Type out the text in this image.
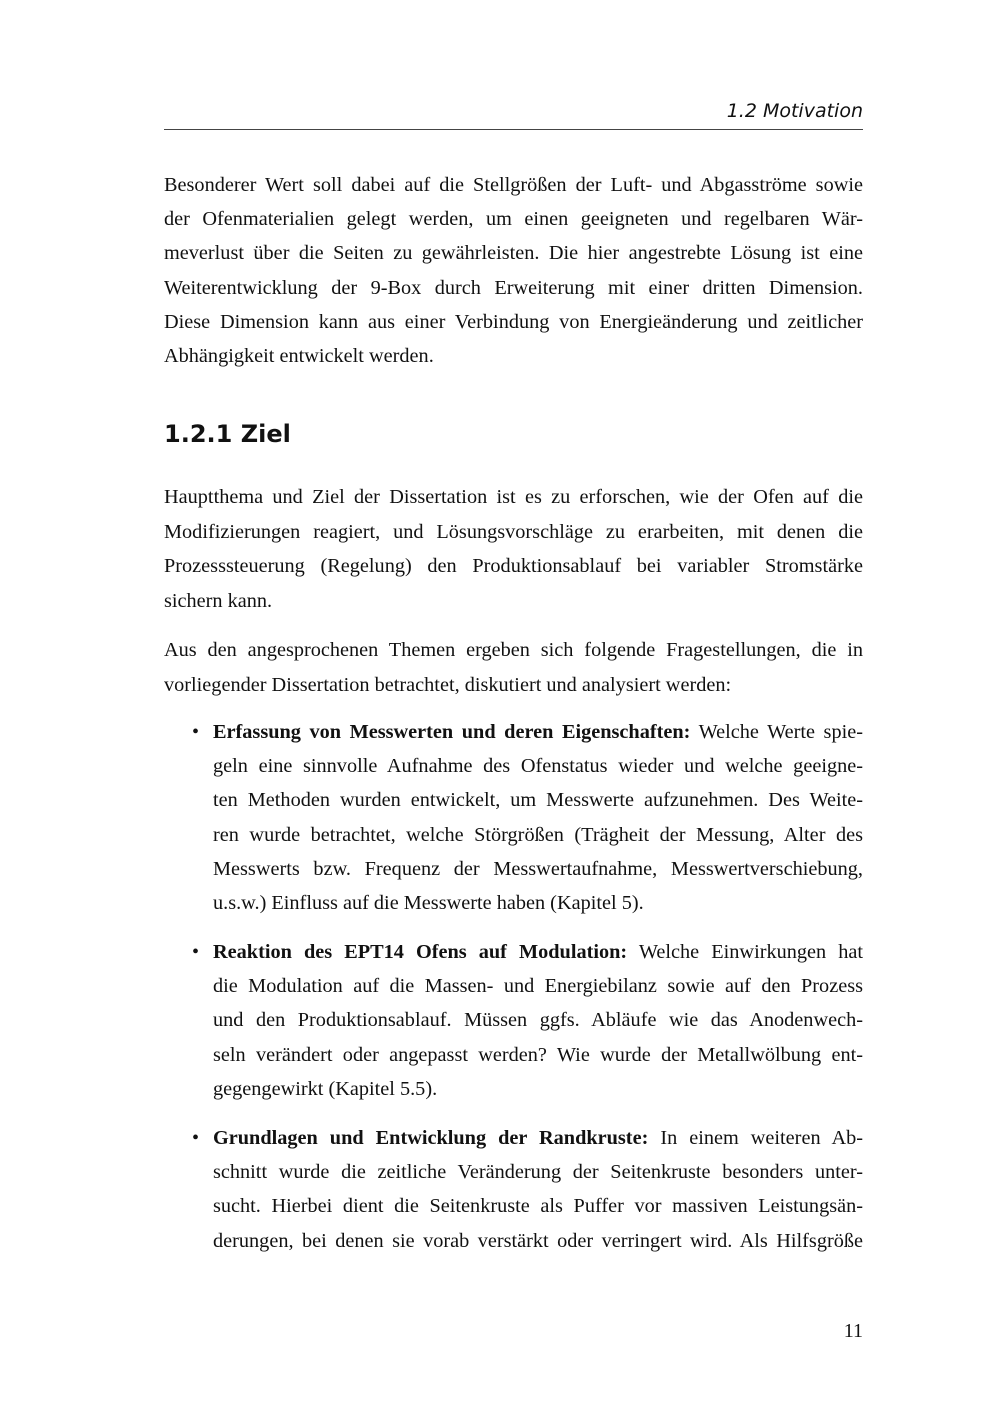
1.2 Motivation
Besonderer Wert soll dabei auf die Stellgrößen der Luft- und Abgasströme sowie
der Ofenmaterialien gelegt werden, um einen geeigneten und regelbaren Wär-
meverlust über die Seiten zu gewährleisten. Die hier angestrebte Lösung ist eine
Weiterentwicklung der 9-Box durch Erweiterung mit einer dritten Dimension.
Diese Dimension kann aus einer Verbindung von Energieänderung und zeitlicher
Abhängigkeit entwickelt werden.
1.2.1 Ziel
Hauptthema und Ziel der Dissertation ist es zu erforschen, wie der Ofen auf die
Modifizierungen reagiert, und Lösungsvorschläge zu erarbeiten, mit denen die
Prozesssteuerung (Regelung) den Produktionsablauf bei variabler Stromstärke
sichern kann.
Aus den angesprochenen Themen ergeben sich folgende Fragestellungen, die in
vorliegender Dissertation betrachtet, diskutiert und analysiert werden:
• Erfassung von Messwerten und deren Eigenschaften: Welche Werte spie-
geln eine sinnvolle Aufnahme des Ofenstatus wieder und welche geeigne-
ten Methoden wurden entwickelt, um Messwerte aufzunehmen. Des Weite-
ren wurde betrachtet, welche Störgrößen (Trägheit der Messung, Alter des
Messwerts bzw. Frequenz der Messwertaufnahme, Messwertverschiebung,
u.s.w.) Einfluss auf die Messwerte haben (Kapitel 5).
• Reaktion des EPT14 Ofens auf Modulation: Welche Einwirkungen hat
die Modulation auf die Massen- und Energiebilanz sowie auf den Prozess
und den Produktionsablauf. Müssen ggfs. Abläufe wie das Anodenwech-
seln verändert oder angepasst werden? Wie wurde der Metallwölbung ent-
gegengewirkt (Kapitel 5.5).
• Grundlagen und Entwicklung der Randkruste: In einem weiteren Ab-
schnitt wurde die zeitliche Veränderung der Seitenkruste besonders unter-
sucht. Hierbei dient die Seitenkruste als Puffer vor massiven Leistungsän-
derungen, bei denen sie vorab verstärkt oder verringert wird. Als Hilfsgröße
11
